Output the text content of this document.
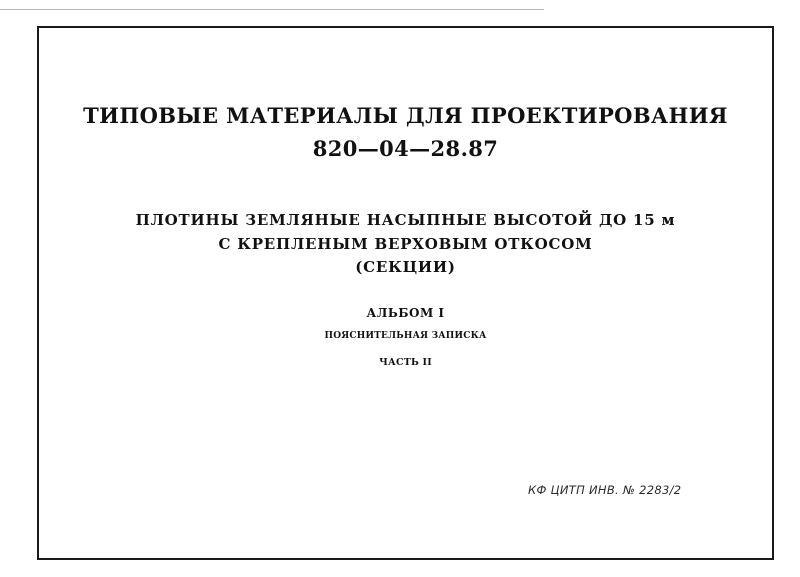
ТИПОВЫЕ МАТЕРИАЛЫ ДЛЯ ПРОЕКТИРОВАНИЯ
820—04—28.87
ПЛОТИНЫ ЗЕМЛЯНЫЕ НАСЫПНЫЕ ВЫСОТОЙ ДО 15 м
С КРЕПЛЕНЫМ ВЕРХОВЫМ ОТКОСОМ
(СЕКЦИИ)
АЛЬБОМ I
ПОЯСНИТЕЛЬНАЯ ЗАПИСКА
ЧАСТЬ II
КФ ЦИТП ИНВ. № 2283/2
